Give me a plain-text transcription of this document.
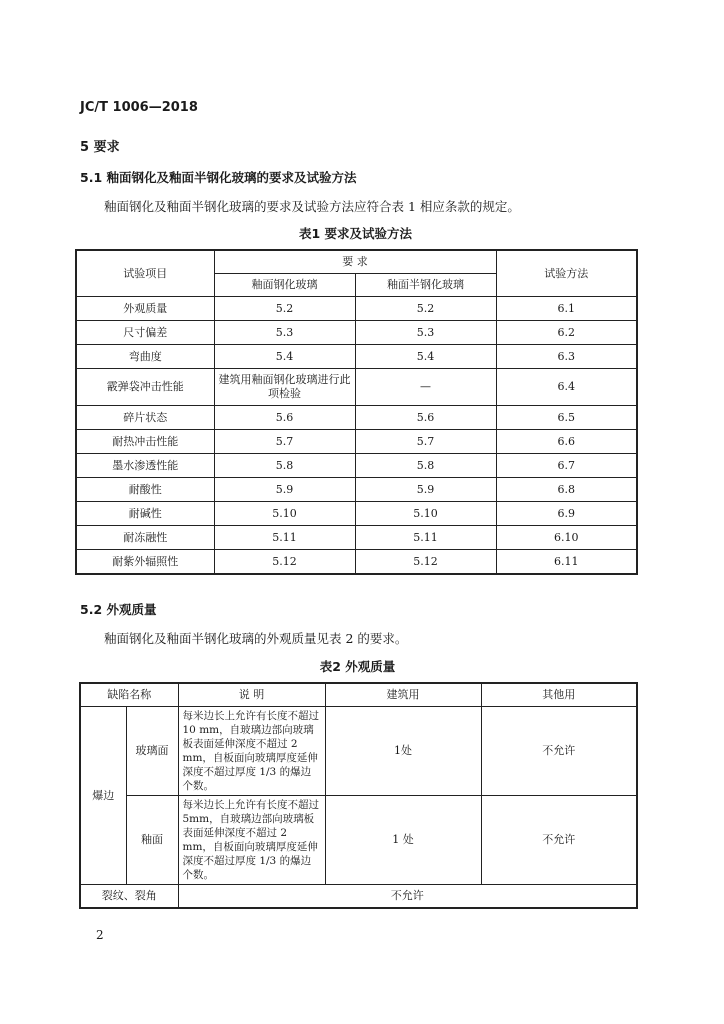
JC/T 1006—2018
5 要求
5.1 釉面钢化及釉面半钢化玻璃的要求及试验方法
釉面钢化及釉面半钢化玻璃的要求及试验方法应符合表 1 相应条款的规定。
表1 要求及试验方法
试验项目	要 求		试验方法
	釉面钢化玻璃	釉面半钢化玻璃	
外观质量	5.2	5.2	6.1
尺寸偏差	5.3	5.3	6.2
弯曲度	5.4	5.4	6.3
霰弹袋冲击性能	建筑用釉面钢化玻璃进行此项检验	—	6.4
碎片状态	5.6	5.6	6.5
耐热冲击性能	5.7	5.7	6.6
墨水渗透性能	5.8	5.8	6.7
耐酸性	5.9	5.9	6.8
耐碱性	5.10	5.10	6.9
耐冻融性	5.11	5.11	6.10
耐紫外辐照性	5.12	5.12	6.11
5.2 外观质量
釉面钢化及釉面半钢化玻璃的外观质量见表 2 的要求。
表2 外观质量
缺陷名称		说 明	建筑用	其他用
爆边	玻璃面	每米边长上允许有长度不超过10 mm，自玻璃边部向玻璃板表面延伸深度不超过 2 mm，自板面向玻璃厚度延伸深度不超过厚度 1/3 的爆边个数。	1处	不允许
	釉面	每米边长上允许有长度不超过5mm，自玻璃边部向玻璃板表面延伸深度不超过 2 mm，自板面向玻璃厚度延伸深度不超过厚度 1/3 的爆边个数。	1 处	不允许
裂纹、裂角		不允许		
2
